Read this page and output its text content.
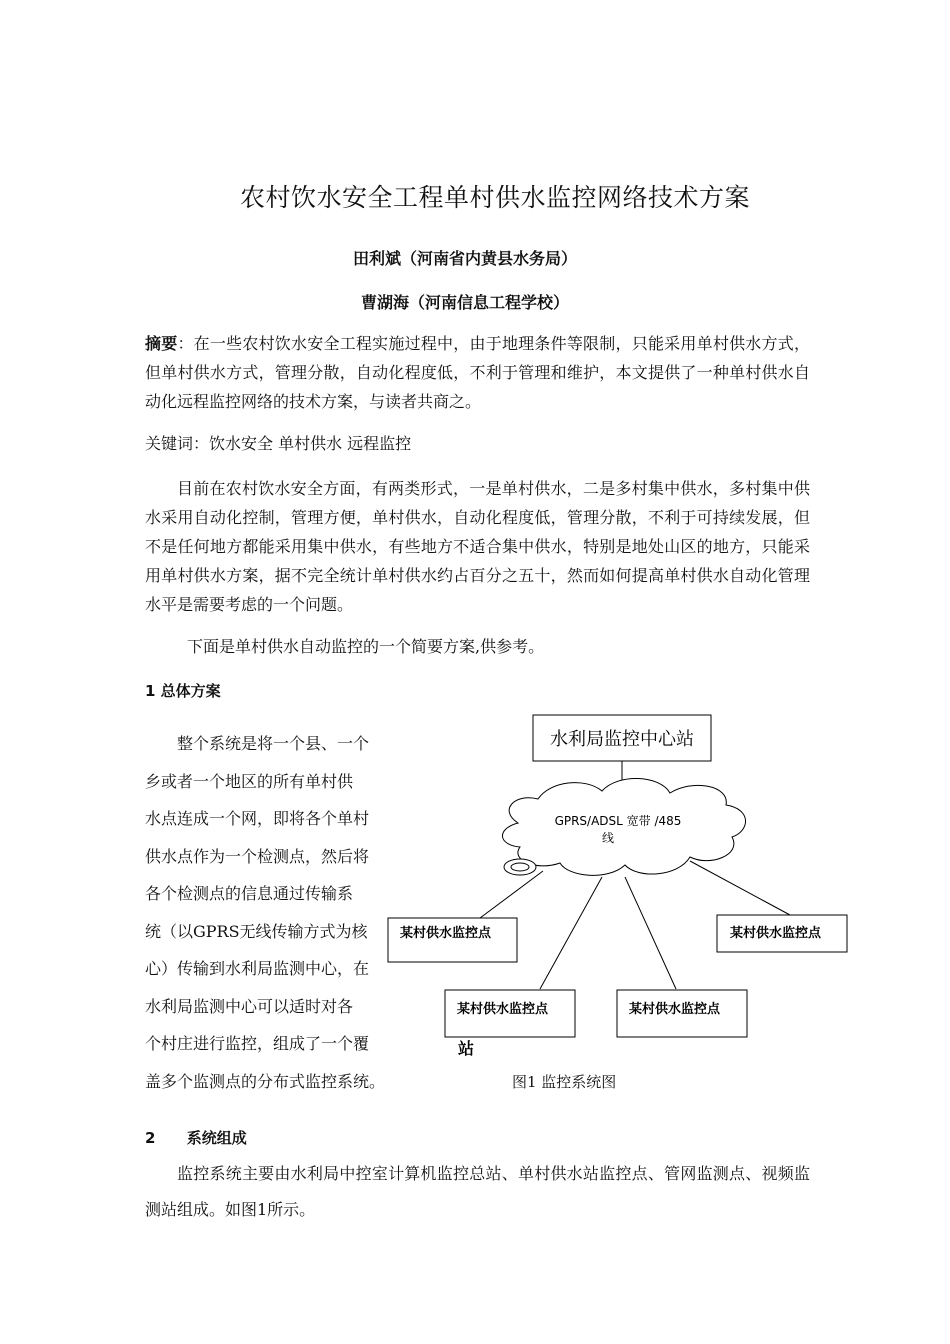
农村饮水安全工程单村供水监控网络技术方案
田利斌（河南省内黄县水务局）
曹湖海（河南信息工程学校）
摘要：在一些农村饮水安全工程实施过程中，由于地理条件等限制，只能采用单村供水方式，但单村供水方式，管理分散，自动化程度低，不利于管理和维护，本文提供了一种单村供水自动化远程监控网络的技术方案，与读者共商之。
关键词：饮水安全 单村供水 远程监控
目前在农村饮水安全方面，有两类形式，一是单村供水，二是多村集中供水，多村集中供水采用自动化控制，管理方便，单村供水，自动化程度低，管理分散，不利于可持续发展，但不是任何地方都能采用集中供水，有些地方不适合集中供水，特别是地处山区的地方，只能采用单村供水方案，据不完全统计单村供水约占百分之五十，然而如何提高单村供水自动化管理水平是需要考虑的一个问题。
下面是单村供水自动监控的一个简要方案,供参考。
1 总体方案
整个系统是将一个县、一个
乡或者一个地区的所有单村供
水点连成一个网，即将各个单村
供水点作为一个检测点，然后将
各个检测点的信息通过传输系
统（以GPRS无线传输方式为核
心）传输到水利局监测中心，在
水利局监测中心可以适时对各
个村庄进行监控，组成了一个覆
盖多个监测点的分布式监控系统。
水利局监控中心站
GPRS/ADSL 宽带 /485
线
某村供水监控点	某村供水监控点
某村供水监控点	某村供水监控点
站
图1 监控系统图
2      系统组成
监控系统主要由水利局中控室计算机监控总站、单村供水站监控点、管网监测点、视频监测站组成。如图1所示。
